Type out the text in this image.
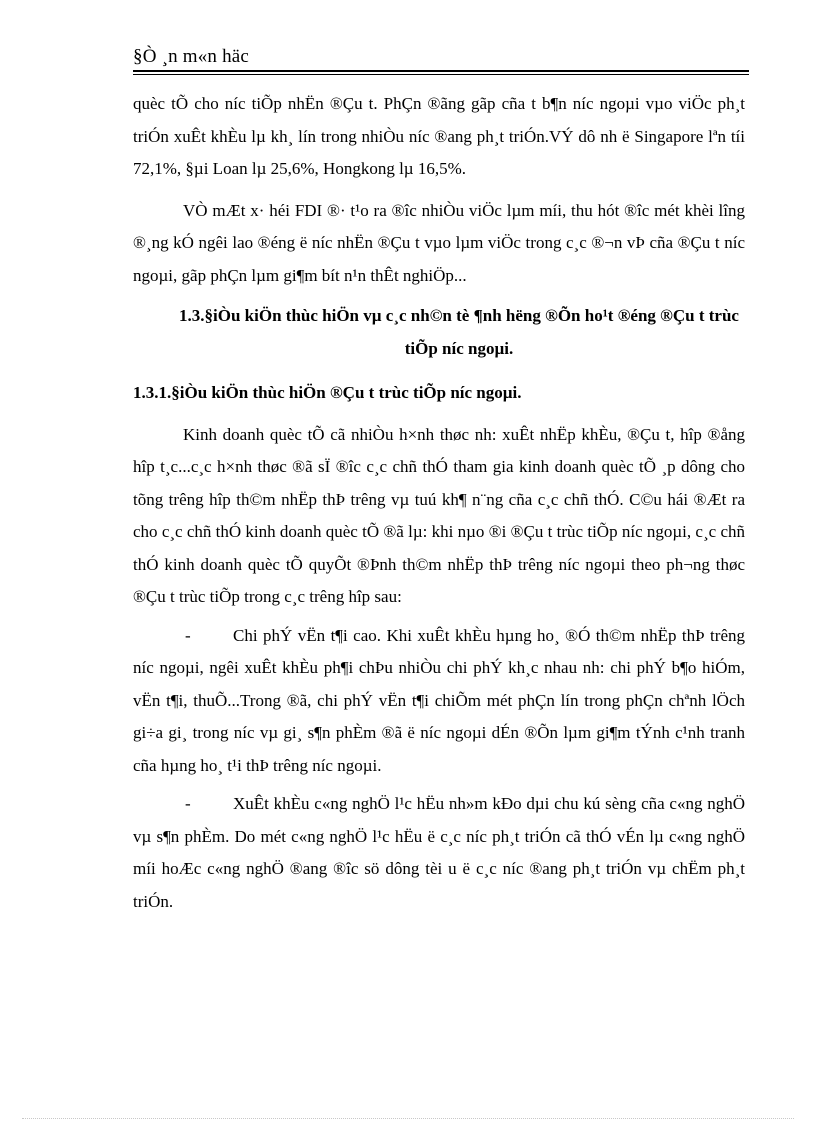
§Ò ¸n m«n häc

quèc tÕ cho níc tiÕp nhËn ®Çu t. PhÇn ®ãng gãp cña t b¶n níc ngoµi vµo viÖc ph¸t triÓn xuÊt khÈu lµ kh¸ lín trong nhiÒu níc ®ang ph¸t triÓn.VÝ dô nh ë Singapore lªn tíi 72,1%, §µi Loan lµ 25,6%, Hongkong lµ 16,5%.

VÒ mÆt x· héi FDI ®· t¹o ra ®îc nhiÒu viÖc lµm míi, thu hót ®îc mét khèi lîng ®¸ng kÓ ngêi lao ®éng ë níc nhËn ®Çu t vµo lµm viÖc trong c¸c ®¬n vÞ cña ®Çu t níc ngoµi, gãp phÇn lµm gi¶m bít n¹n thÊt nghiÖp...

1.3.§iÒu kiÖn thùc hiÖn vµ c¸c nh©n tè ¶nh hëng ®Õn ho¹t ®éng ®Çu t trùc tiÕp níc ngoµi.

1.3.1.§iÒu kiÖn thùc hiÖn ®Çu t trùc tiÕp níc ngoµi.

Kinh doanh quèc tÕ cã nhiÒu h×nh thøc nh: xuÊt nhËp khÈu, ®Çu t, hîp ®ång hîp t¸c...c¸c h×nh thøc ®ã sÏ ®îc c¸c chñ thÓ tham gia kinh doanh quèc tÕ ¸p dông cho tõng trêng hîp th©m nhËp thÞ trêng vµ tuú kh¶ n¨ng cña c¸c chñ thÓ. C©u hái ®Æt ra cho c¸c chñ thÓ kinh doanh quèc tÕ ®ã lµ: khi nµo ®i ®Çu t trùc tiÕp níc ngoµi, c¸c chñ thÓ kinh doanh quèc tÕ quyÕt ®Þnh th©m nhËp thÞ trêng níc ngoµi theo ph¬ng thøc ®Çu t trùc tiÕp trong c¸c trêng hîp sau:

- Chi phÝ vËn t¶i cao. Khi xuÊt khÈu hµng ho¸ ®Ó th©m nhËp thÞ trêng níc ngoµi, ngêi xuÊt khÈu ph¶i chÞu nhiÒu chi phÝ kh¸c nhau nh: chi phÝ b¶o hiÓm, vËn t¶i, thuÕ...Trong ®ã, chi phÝ vËn t¶i chiÕm mét phÇn lín trong phÇn chªnh lÖch gi÷a gi¸ trong níc vµ gi¸ s¶n phÈm ®ã ë níc ngoµi dÉn ®Õn lµm gi¶m tÝnh c¹nh tranh cña hµng ho¸ t¹i thÞ trêng níc ngoµi.

- XuÊt khÈu c«ng nghÖ l¹c hËu nh»m kÐo dµi chu kú sèng cña c«ng nghÖ vµ s¶n phÈm. Do mét c«ng nghÖ l¹c hËu ë c¸c níc ph¸t triÓn cã thÓ vÉn lµ c«ng nghÖ míi hoÆc c«ng nghÖ ®ang ®îc sö dông tèi u ë c¸c níc ®ang ph¸t triÓn vµ chËm ph¸t triÓn.
